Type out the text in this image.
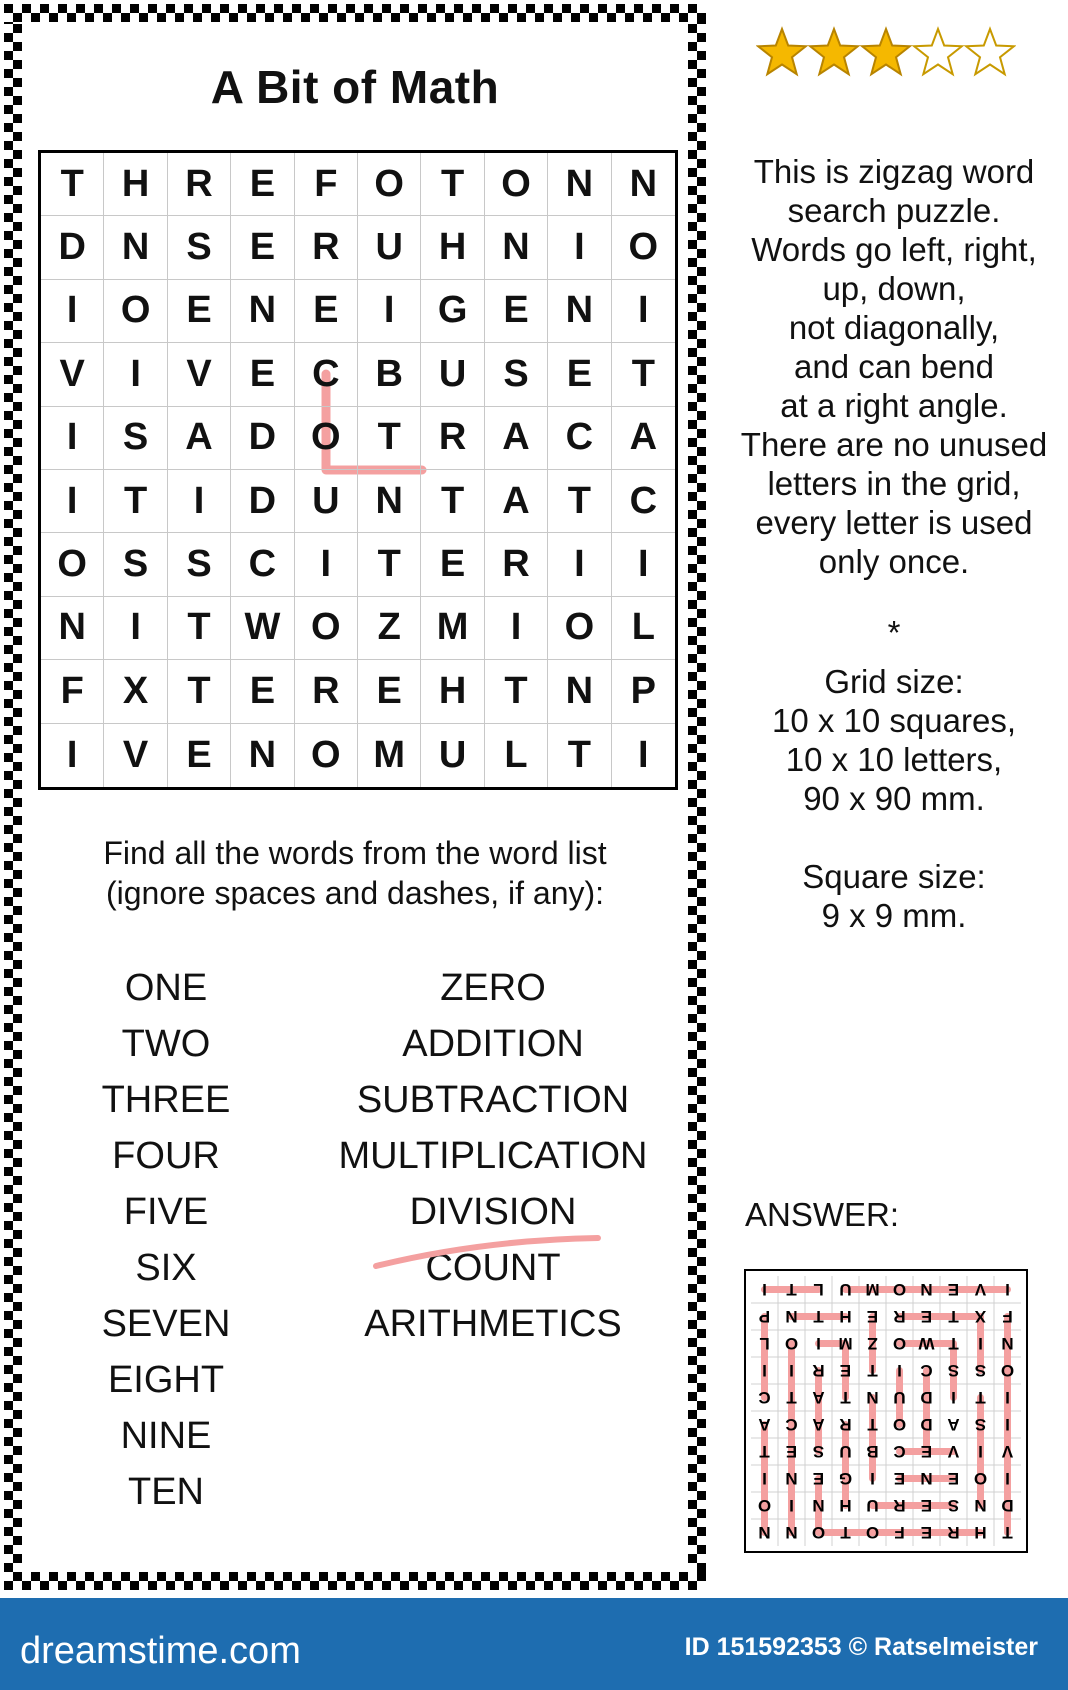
A Bit of Math
T	H R E	F O T O N N
D N S	E R U H N	I	O
I	O E N E	I	G E N	I
V	I	V	E C B U S	E	T
I	S A D O T	R A C A
I	T	I	D U N	T	A	T	C
O S	S C	I	T	E R	I	I
N	I	T W O Z M	I	O L
F	X	T	E R E H	T	N P
I	V	E N O M U	L	T	I
Find all the words from the word list
(ignore spaces and dashes, if any):
ONE
TWO
THREE
FOUR
FIVE
SIX
SEVEN
EIGHT
NINE
TEN
ZERO
ADDITION
SUBTRACTION
MULTIPLICATION
DIVISION
COUNT
ARITHMETICS
This is zigzag word
search puzzle.
Words go left, right,
up, down,
not diagonally,
and can bend
at a right angle.
There are no unused
letters in the grid,
every letter is used
only once.
*
Grid size:
10 x 10 squares,
10 x 10 letters,
90 x 90 mm.
Square size:
9 x 9 mm.
ANSWER:
I T L U M O N E V I
P N T H E R E T X F
L O I M Z O W T I N
I I R E T I C S S O
C T A T N U D I T I
A C A R T O D A S I
T E S U B C E V I V
I N E G I E N E O I
O I N H U R E S N D
N N O T O F E R H T
dreamstime.com	ID 151592353 © Ratselmeister
